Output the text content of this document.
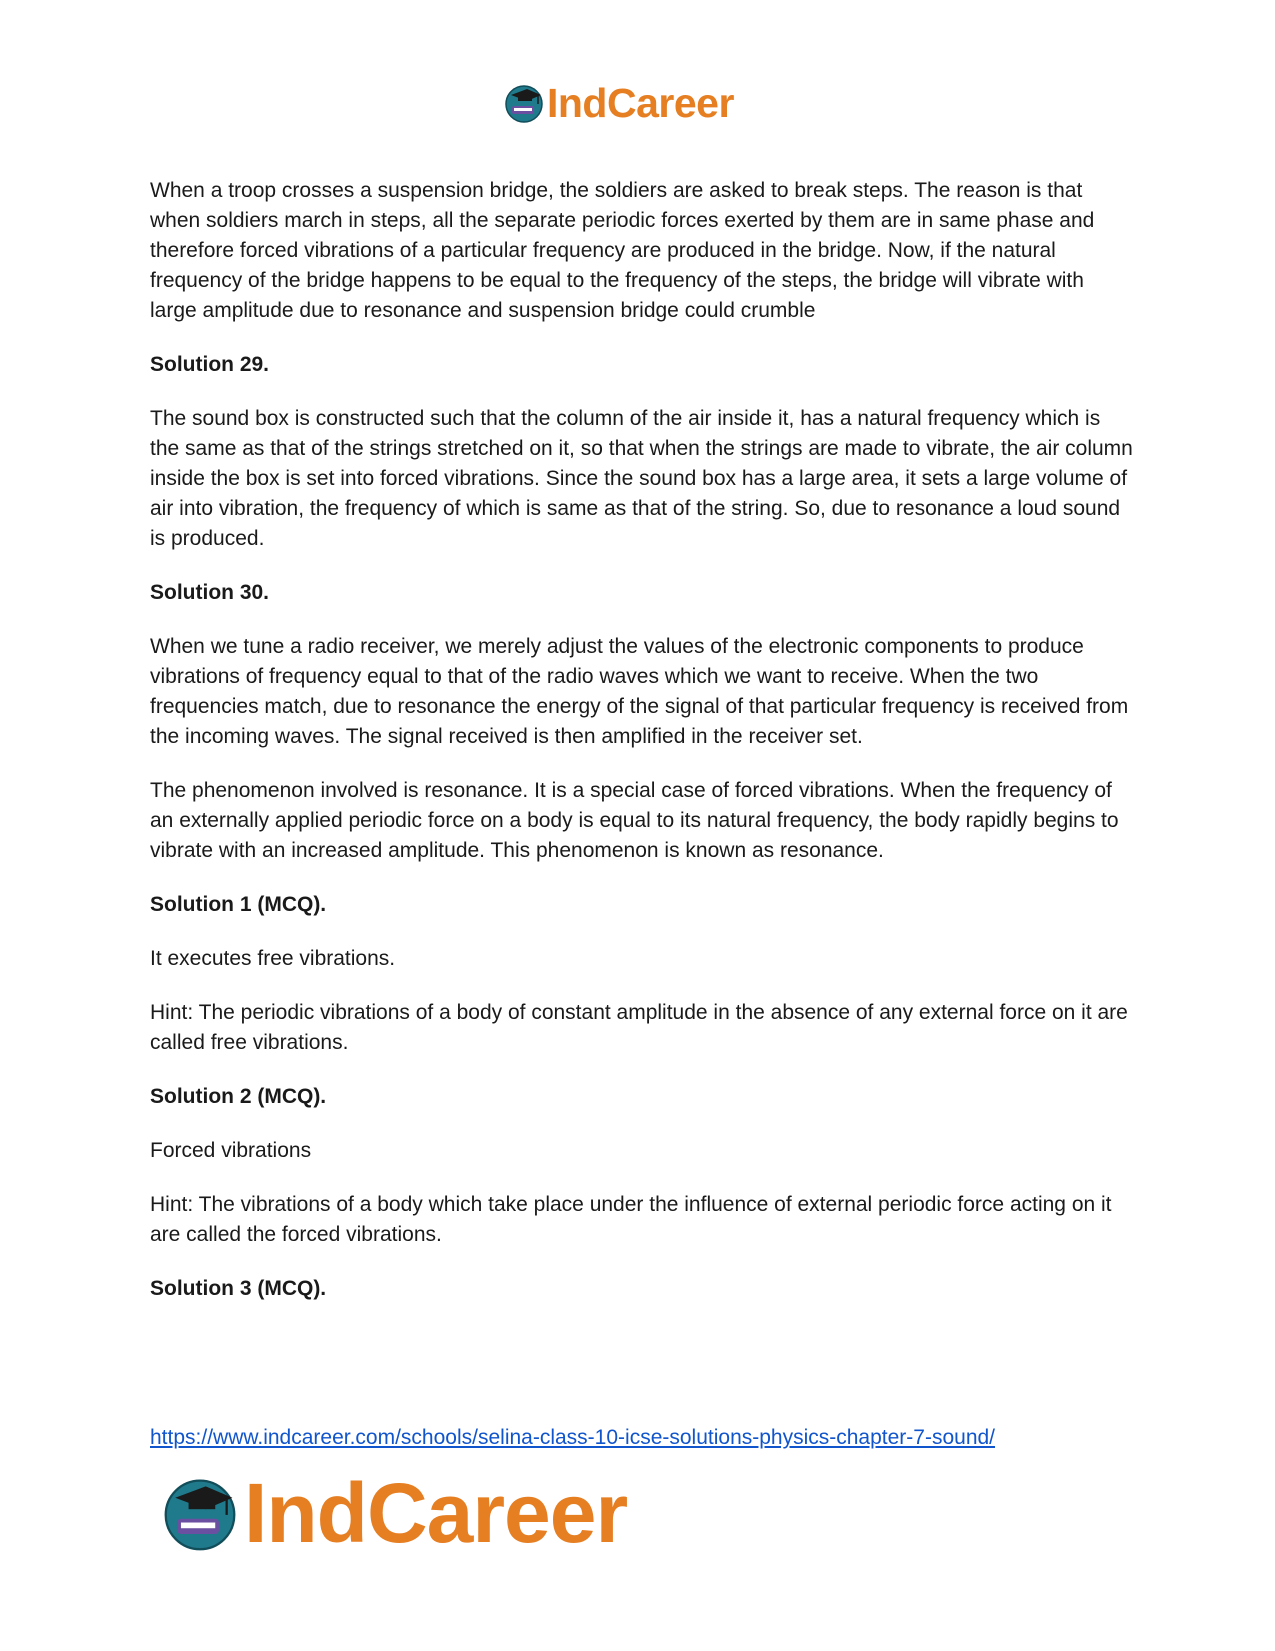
IndCareer

When a troop crosses a suspension bridge, the soldiers are asked to break steps. The reason is that when soldiers march in steps, all the separate periodic forces exerted by them are in same phase and therefore forced vibrations of a particular frequency are produced in the bridge. Now, if the natural frequency of the bridge happens to be equal to the frequency of the steps, the bridge will vibrate with large amplitude due to resonance and suspension bridge could crumble

Solution 29.

The sound box is constructed such that the column of the air inside it, has a natural frequency which is the same as that of the strings stretched on it, so that when the strings are made to vibrate, the air column inside the box is set into forced vibrations. Since the sound box has a large area, it sets a large volume of air into vibration, the frequency of which is same as that of the string. So, due to resonance a loud sound is produced.

Solution 30.

When we tune a radio receiver, we merely adjust the values of the electronic components to produce vibrations of frequency equal to that of the radio waves which we want to receive. When the two frequencies match, due to resonance the energy of the signal of that particular frequency is received from the incoming waves. The signal received is then amplified in the receiver set.

The phenomenon involved is resonance. It is a special case of forced vibrations. When the frequency of an externally applied periodic force on a body is equal to its natural frequency, the body rapidly begins to vibrate with an increased amplitude. This phenomenon is known as resonance.

Solution 1 (MCQ).

It executes free vibrations.

Hint: The periodic vibrations of a body of constant amplitude in the absence of any external force on it are called free vibrations.

Solution 2 (MCQ).

Forced vibrations

Hint: The vibrations of a body which take place under the influence of external periodic force acting on it are called the forced vibrations.

Solution 3 (MCQ).

https://www.indcareer.com/schools/selina-class-10-icse-solutions-physics-chapter-7-sound/
IndCareer
